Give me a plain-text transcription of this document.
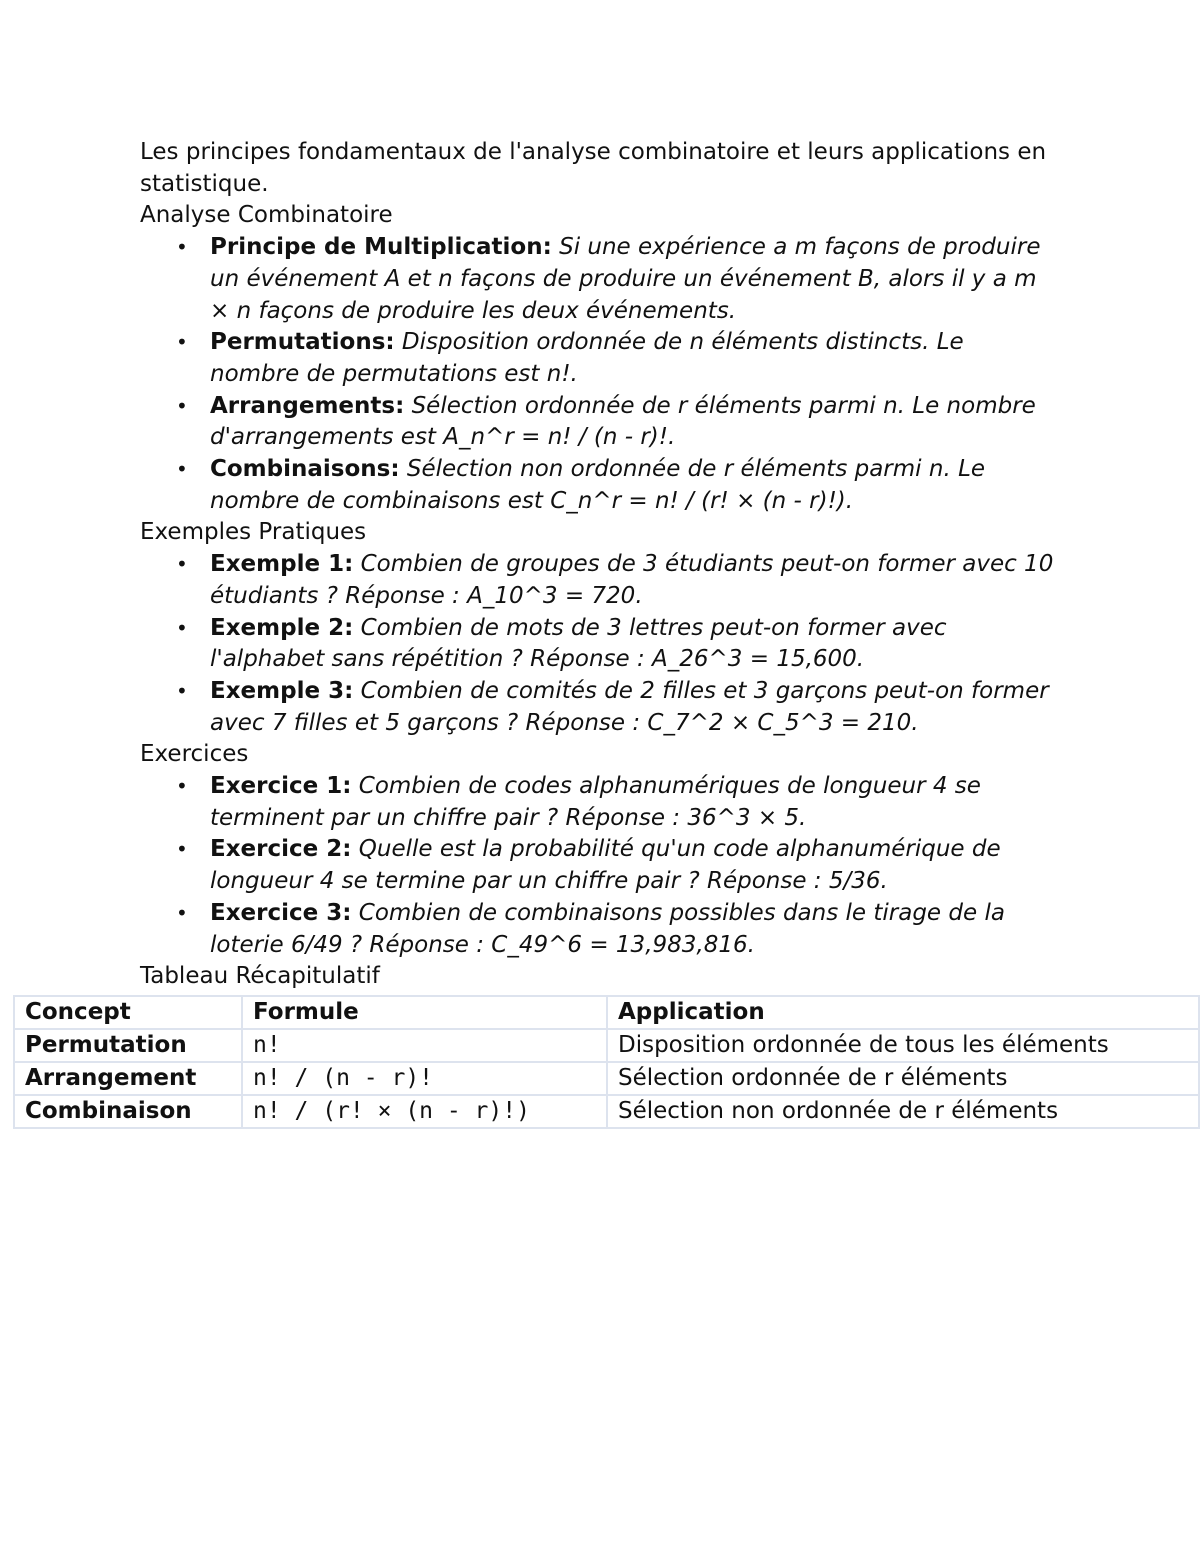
Les principes fondamentaux de l'analyse combinatoire et leurs applications en statistique.

Analyse Combinatoire

• Principe de Multiplication: Si une expérience a m façons de produire un événement A et n façons de produire un événement B, alors il y a m × n façons de produire les deux événements.
• Permutations: Disposition ordonnée de n éléments distincts. Le nombre de permutations est n!.
• Arrangements: Sélection ordonnée de r éléments parmi n. Le nombre d'arrangements est A_n^r = n! / (n - r)!.
• Combinaisons: Sélection non ordonnée de r éléments parmi n. Le nombre de combinaisons est C_n^r = n! / (r! × (n - r)!).

Exemples Pratiques

• Exemple 1: Combien de groupes de 3 étudiants peut-on former avec 10 étudiants ? Réponse : A_10^3 = 720.
• Exemple 2: Combien de mots de 3 lettres peut-on former avec l'alphabet sans répétition ? Réponse : A_26^3 = 15,600.
• Exemple 3: Combien de comités de 2 filles et 3 garçons peut-on former avec 7 filles et 5 garçons ? Réponse : C_7^2 × C_5^3 = 210.

Exercices

• Exercice 1: Combien de codes alphanumériques de longueur 4 se terminent par un chiffre pair ? Réponse : 36^3 × 5.
• Exercice 2: Quelle est la probabilité qu'un code alphanumérique de longueur 4 se termine par un chiffre pair ? Réponse : 5/36.
• Exercice 3: Combien de combinaisons possibles dans le tirage de la loterie 6/49 ? Réponse : C_49^6 = 13,983,816.

Tableau Récapitulatif

Concept	Formule	Application
Permutation	n!	Disposition ordonnée de tous les éléments
Arrangement	n! / (n - r)!	Sélection ordonnée de r éléments
Combinaison	n! / (r! × (n - r)!)	Sélection non ordonnée de r éléments
